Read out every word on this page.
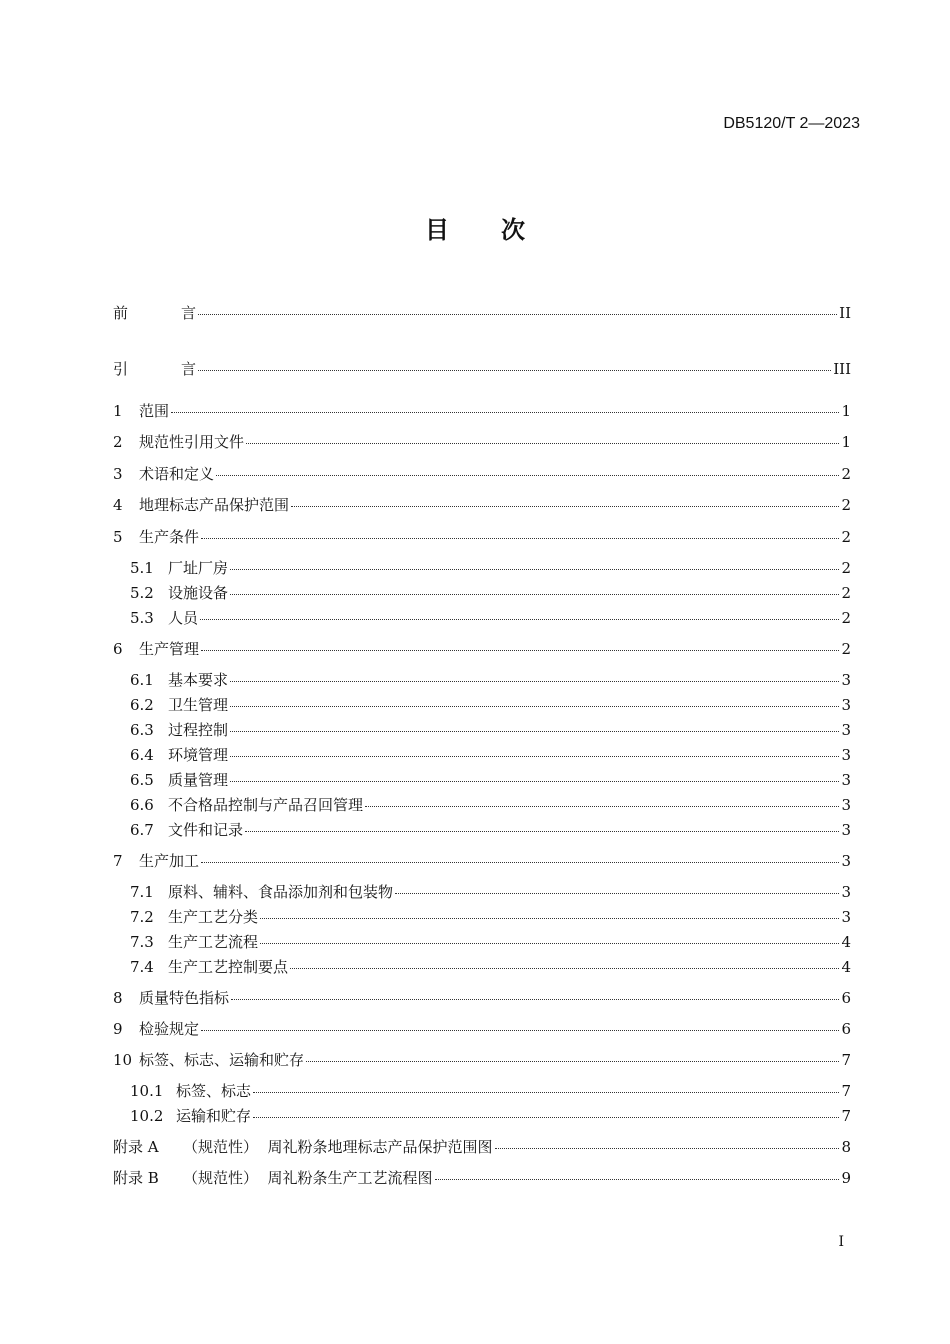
DB5120/T 2—2023
目 次
前	言	II
引	言	III
1	范围	1
2	规范性引用文件	1
3	术语和定义	2
4	地理标志产品保护范围	2
5	生产条件	2
5.1 厂址厂房	2
5.2 设施设备	2
5.3 人员	2
6	生产管理	2
6.1 基本要求	3
6.2 卫生管理	3
6.3 过程控制	3
6.4 环境管理	3
6.5 质量管理	3
6.6 不合格品控制与产品召回管理	3
6.7 文件和记录	3
7	生产加工	3
7.1 原料、辅料、食品添加剂和包装物	3
7.2 生产工艺分类	3
7.3 生产工艺流程	4
7.4 生产工艺控制要点	4
8	质量特色指标	6
9	检验规定	6
10 标签、标志、运输和贮存	7
10.1 标签、标志	7
10.2 运输和贮存	7
附录 A	（规范性）  周礼粉条地理标志产品保护范围图	8
附录 B	（规范性）  周礼粉条生产工艺流程图	9
I
